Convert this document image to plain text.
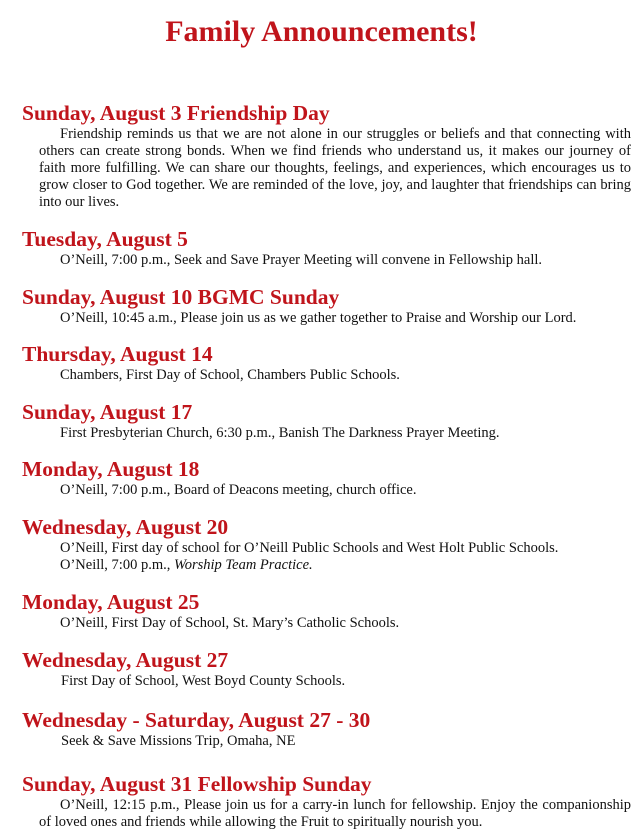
Family Announcements!
Sunday, August 3 Friendship Day

Friendship reminds us that we are not alone in our struggles or beliefs and that connecting with others can create strong bonds. When we find friends who understand us, it makes our journey of faith more fulfilling. We can share our thoughts, feelings, and experiences, which encourages us to grow closer to God together. We are reminded of the love, joy, and laughter that friendships can bring into our lives.

Tuesday, August 5

O’Neill, 7:00 p.m., Seek and Save Prayer Meeting will convene in Fellowship hall.

Sunday, August 10 BGMC Sunday

O’Neill, 10:45 a.m., Please join us as we gather together to Praise and Worship our Lord.

Thursday, August 14

Chambers, First Day of School, Chambers Public Schools.

Sunday, August 17

First Presbyterian Church, 6:30 p.m., Banish The Darkness Prayer Meeting.

Monday, August 18

O’Neill, 7:00 p.m., Board of Deacons meeting, church office.

Wednesday, August 20

O’Neill, First day of school for O’Neill Public Schools and West Holt Public Schools.

O’Neill, 7:00 p.m., Worship Team Practice.

Monday, August 25

O’Neill, First Day of School, St. Mary’s Catholic Schools.

Wednesday, August 27

First Day of School, West Boyd County Schools.

Wednesday - Saturday, August 27 - 30

Seek & Save Missions Trip, Omaha, NE

Sunday, August 31 Fellowship Sunday

O’Neill, 12:15 p.m., Please join us for a carry-in lunch for fellowship. Enjoy the companionship of loved ones and friends while allowing the Fruit to spiritually nourish you.
